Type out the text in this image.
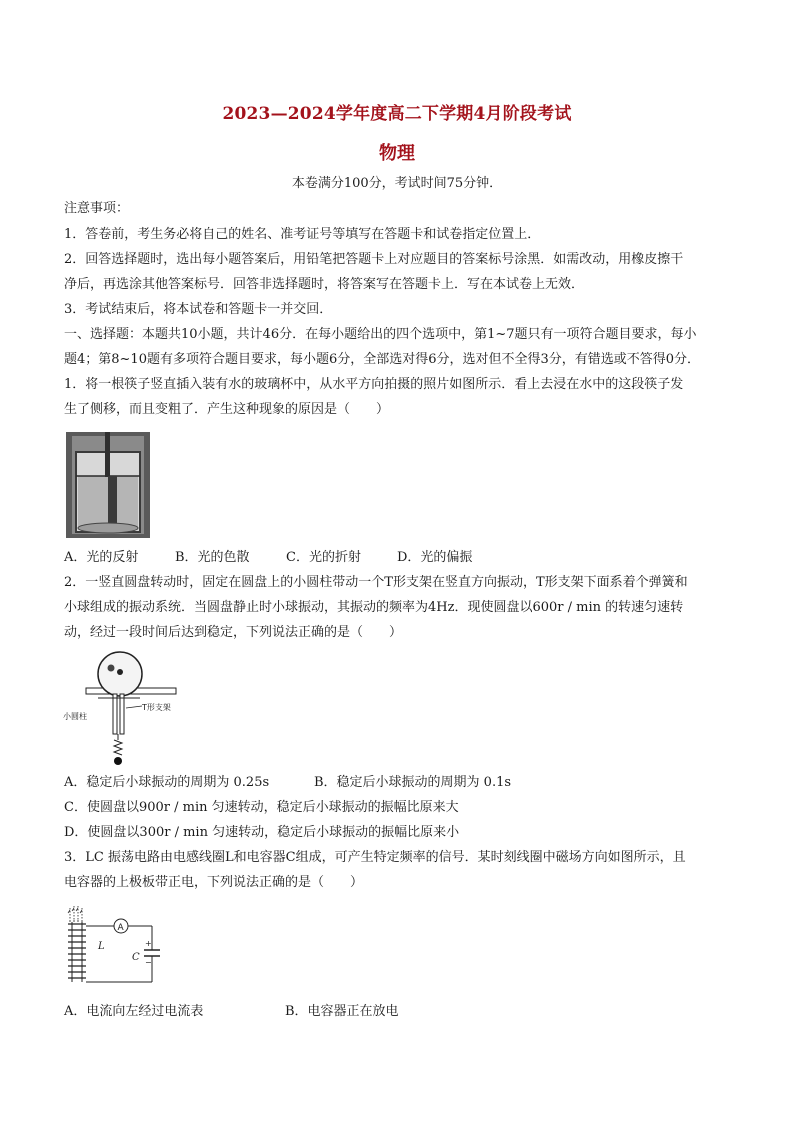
2023—2024学年度高二下学期4月阶段考试
物理
本卷满分100分，考试时间75分钟．
注意事项：
1．答卷前，考生务必将自己的姓名、准考证号等填写在答题卡和试卷指定位置上．
2．回答选择题时，选出每小题答案后，用铅笔把答题卡上对应题目的答案标号涂黑．如需改动，用橡皮擦干
净后，再选涂其他答案标号．回答非选择题时，将答案写在答题卡上．写在本试卷上无效．
3．考试结束后，将本试卷和答题卡一并交回．
一、选择题：本题共10小题，共计46分．在每小题给出的四个选项中，第1~7题只有一项符合题目要求，每小
题4；第8~10题有多项符合题目要求，每小题6分，全部选对得6分，选对但不全得3分，有错选或不答得0分．
1．将一根筷子竖直插入装有水的玻璃杯中，从水平方向拍摄的照片如图所示．看上去浸在水中的这段筷子发
生了侧移，而且变粗了．产生这种现象的原因是（　　）
A．光的反射	B．光的色散	C．光的折射	D．光的偏振
2．一竖直圆盘转动时，固定在圆盘上的小圆柱带动一个T形支架在竖直方向振动，T形支架下面系着个弹簧和
小球组成的振动系统．当圆盘静止时小球振动，其振动的频率为4Hz．现使圆盘以600r / min 的转速匀速转
动，经过一段时间后达到稳定，下列说法正确的是（　　）
小圆柱
T形支架
A．稳定后小球振动的周期为 0.25s	B．稳定后小球振动的周期为 0.1s
C．使圆盘以900r / min 匀速转动，稳定后小球振动的振幅比原来大
D．使圆盘以300r / min 匀速转动，稳定后小球振动的振幅比原来小
3．LC 振荡电路由电感线圈L和电容器C组成，可产生特定频率的信号．某时刻线圈中磁场方向如图所示，且
电容器的上极板带正电，下列说法正确的是（　　）
A
L
C
+
−
A．电流向左经过电流表	B．电容器正在放电
